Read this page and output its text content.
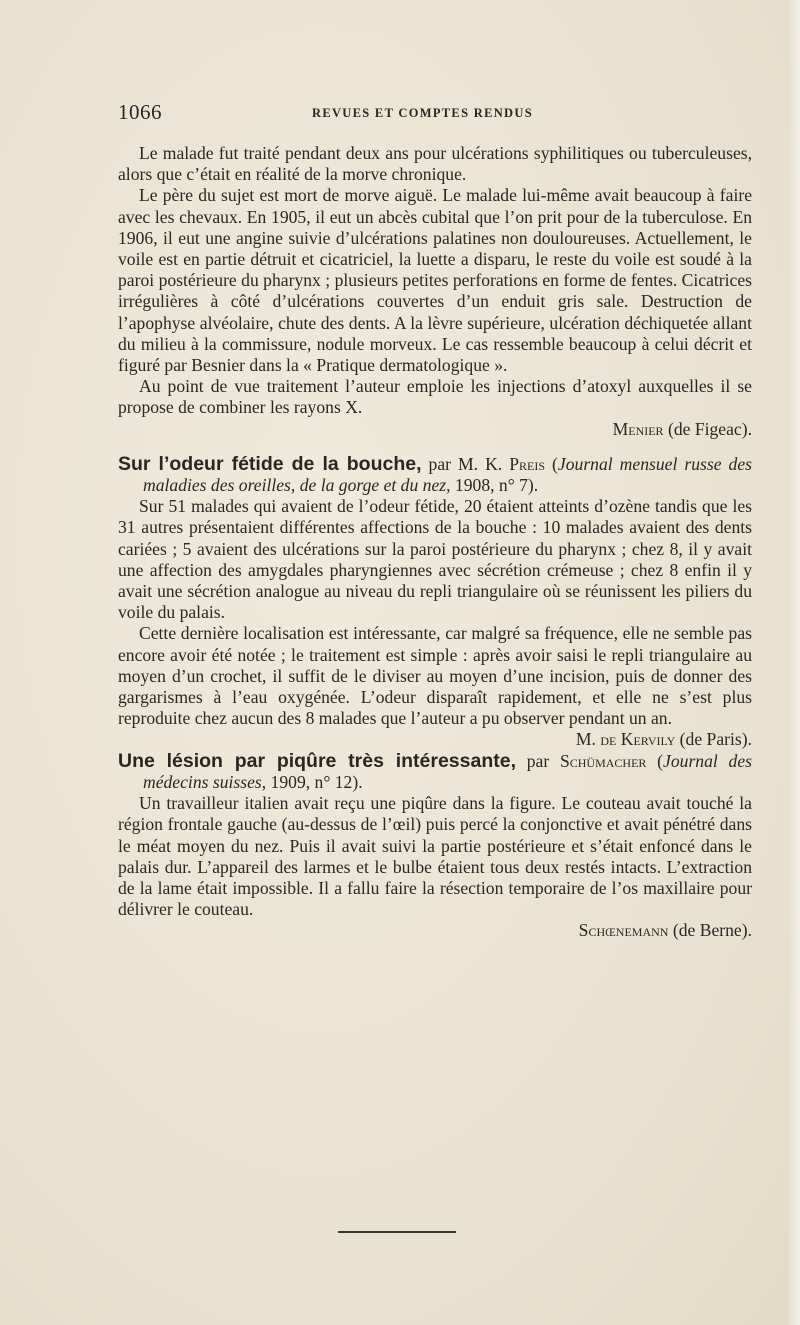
1066	REVUES ET COMPTES RENDUS

Le malade fut traité pendant deux ans pour ulcérations syphilitiques ou tuberculeuses, alors que c’était en réalité de la morve chronique.

Le père du sujet est mort de morve aiguë. Le malade lui-même avait beaucoup à faire avec les chevaux. En 1905, il eut un abcès cubital que l’on prit pour de la tuberculose. En 1906, il eut une angine suivie d’ulcérations palatines non douloureuses. Actuellement, le voile est en partie détruit et cicatriciel, la luette a disparu, le reste du voile est soudé à la paroi postérieure du pharynx ; plusieurs petites perforations en forme de fentes. Cicatrices irrégulières à côté d’ulcérations couvertes d’un enduit gris sale. Destruction de l’apophyse alvéolaire, chute des dents. A la lèvre supérieure, ulcération déchiquetée allant du milieu à la commissure, nodule morveux. Le cas ressemble beaucoup à celui décrit et figuré par Besnier dans la « Pratique dermatologique ».

Au point de vue traitement l’auteur emploie les injections d’atoxyl auxquelles il se propose de combiner les rayons X.

Menier (de Figeac).

Sur l’odeur fétide de la bouche, par M. K. Preis (Journal mensuel russe des maladies des oreilles, de la gorge et du nez, 1908, n° 7).

Sur 51 malades qui avaient de l’odeur fétide, 20 étaient atteints d’ozène tandis que les 31 autres présentaient différentes affections de la bouche : 10 malades avaient des dents cariées ; 5 avaient des ulcérations sur la paroi postérieure du pharynx ; chez 8, il y avait une affection des amygdales pharyngiennes avec sécrétion crémeuse ; chez 8 enfin il y avait une sécrétion analogue au niveau du repli triangulaire où se réunissent les piliers du voile du palais.

Cette dernière localisation est intéressante, car malgré sa fréquence, elle ne semble pas encore avoir été notée ; le traitement est simple : après avoir saisi le repli triangulaire au moyen d’un crochet, il suffit de le diviser au moyen d’une incision, puis de donner des gargarismes à l’eau oxygénée. L’odeur disparaît rapidement, et elle ne s’est plus reproduite chez aucun des 8 malades que l’auteur a pu observer pendant un an.

M. de Kervily (de Paris).

Une lésion par piqûre très intéressante, par Schümacher (Journal des médecins suisses, 1909, n° 12).

Un travailleur italien avait reçu une piqûre dans la figure. Le couteau avait touché la région frontale gauche (au-dessus de l’œil) puis percé la conjonctive et avait pénétré dans le méat moyen du nez. Puis il avait suivi la partie postérieure et s’était enfoncé dans le palais dur. L’appareil des larmes et le bulbe étaient tous deux restés intacts. L’extraction de la lame était impossible. Il a fallu faire la résection temporaire de l’os maxillaire pour délivrer le couteau.

Schœnemann (de Berne).
